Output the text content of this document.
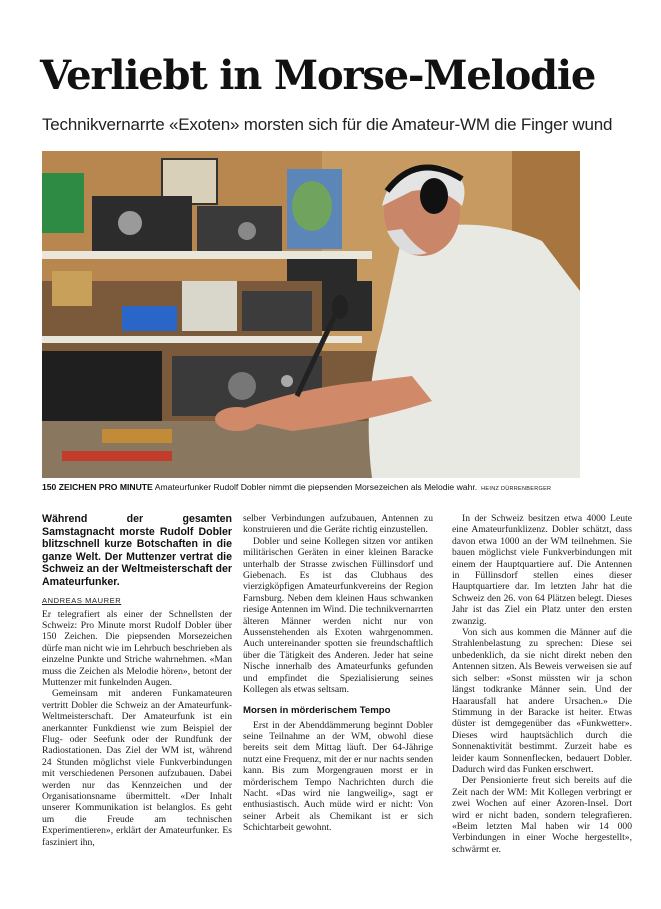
Verliebt in Morse-Melodie

Technikvernarrte «Exoten» morsten sich für die Amateur-WM die Finger wund

150 ZEICHEN PRO MINUTE Amateurfunker Rudolf Dobler nimmt die piepsenden Morsezeichen als Melodie wahr. HEINZ DÜRRENBERGER

Während der gesamten Samstagnacht morste Rudolf Dobler blitzschnell kurze Botschaften in die ganze Welt. Der Muttenzer vertrat die Schweiz an der Weltmeisterschaft der Amateurfunker.

ANDREAS MAURER

Er telegrafiert als einer der Schnellsten der Schweiz: Pro Minute morst Rudolf Dobler über 150 Zeichen. Die piepsenden Morsezeichen dürfe man nicht wie im Lehrbuch beschrieben als einzelne Punkte und Striche wahrnehmen. «Man muss die Zeichen als Melodie hören», betont der Muttenzer mit funkelnden Augen.

Gemeinsam mit anderen Funkamateuren vertritt Dobler die Schweiz an der Amateurfunk-Weltmeisterschaft. Der Amateurfunk ist ein anerkannter Funkdienst wie zum Beispiel der Flug- oder Seefunk oder der Rundfunk der Radiostationen. Das Ziel der WM ist, während 24 Stunden möglichst viele Funkverbindungen mit verschiedenen Personen aufzubauen. Dabei werden nur das Kennzeichen und der Organisationsname übermittelt. «Der Inhalt unserer Kommunikation ist belanglos. Es geht um die Freude am technischen Experimentieren», erklärt der Amateurfunker. Es fasziniert ihn,

selber Verbindungen aufzubauen, Antennen zu konstruieren und die Geräte richtig einzustellen.

Dobler und seine Kollegen sitzen vor antiken militärischen Geräten in einer kleinen Baracke unterhalb der Strasse zwischen Füllinsdorf und Giebenach. Es ist das Clubhaus des vierzigköpfigen Amateurfunkvereins der Region Farnsburg. Neben dem kleinen Haus schwanken riesige Antennen im Wind. Die technikvernarrten älteren Männer werden nicht nur von Aussenstehenden als Exoten wahrgenommen. Auch untereinander spotten sie freundschaftlich über die Tätigkeit des Anderen. Jeder hat seine Nische innerhalb des Amateurfunks gefunden und empfindet die Spezialisierung seines Kollegen als etwas seltsam.

Morsen in mörderischem Tempo

Erst in der Abenddämmerung beginnt Dobler seine Teilnahme an der WM, obwohl diese bereits seit dem Mittag läuft. Der 64-Jährige nutzt eine Frequenz, mit der er nur nachts senden kann. Bis zum Morgengrauen morst er in mörderischem Tempo Nachrichten durch die Nacht. «Das wird nie langweilig», sagt er enthusiastisch. Auch müde wird er nicht: Von seiner Arbeit als Chemikant ist er sich Schichtarbeit gewohnt.

In der Schweiz besitzen etwa 4000 Leute eine Amateurfunklizenz. Dobler schätzt, dass davon etwa 1000 an der WM teilnehmen. Sie bauen möglichst viele Funkverbindungen mit einem der Hauptquartiere auf. Die Antennen in Füllinsdorf stellen eines dieser Hauptquartiere dar. Im letzten Jahr hat die Schweiz den 26. von 64 Plätzen belegt. Dieses Jahr ist das Ziel ein Platz unter den ersten zwanzig.

Von sich aus kommen die Männer auf die Strahlenbelastung zu sprechen: Diese sei unbedenklich, da sie nicht direkt neben den Antennen sitzen. Als Beweis verweisen sie auf sich selber: «Sonst müssten wir ja schon längst todkranke Männer sein. Und der Haarausfall hat andere Ursachen.» Die Stimmung in der Baracke ist heiter. Etwas düster ist demgegenüber das «Funkwetter». Dieses wird hauptsächlich durch die Sonnenaktivität bestimmt. Zurzeit habe es leider kaum Sonnenflecken, bedauert Dobler. Dadurch wird das Funken erschwert.

Der Pensionierte freut sich bereits auf die Zeit nach der WM: Mit Kollegen verbringt er zwei Wochen auf einer Azoren-Insel. Dort wird er nicht baden, sondern telegrafieren. «Beim letzten Mal haben wir 14 000 Verbindungen in einer Woche hergestellt», schwärmt er.
